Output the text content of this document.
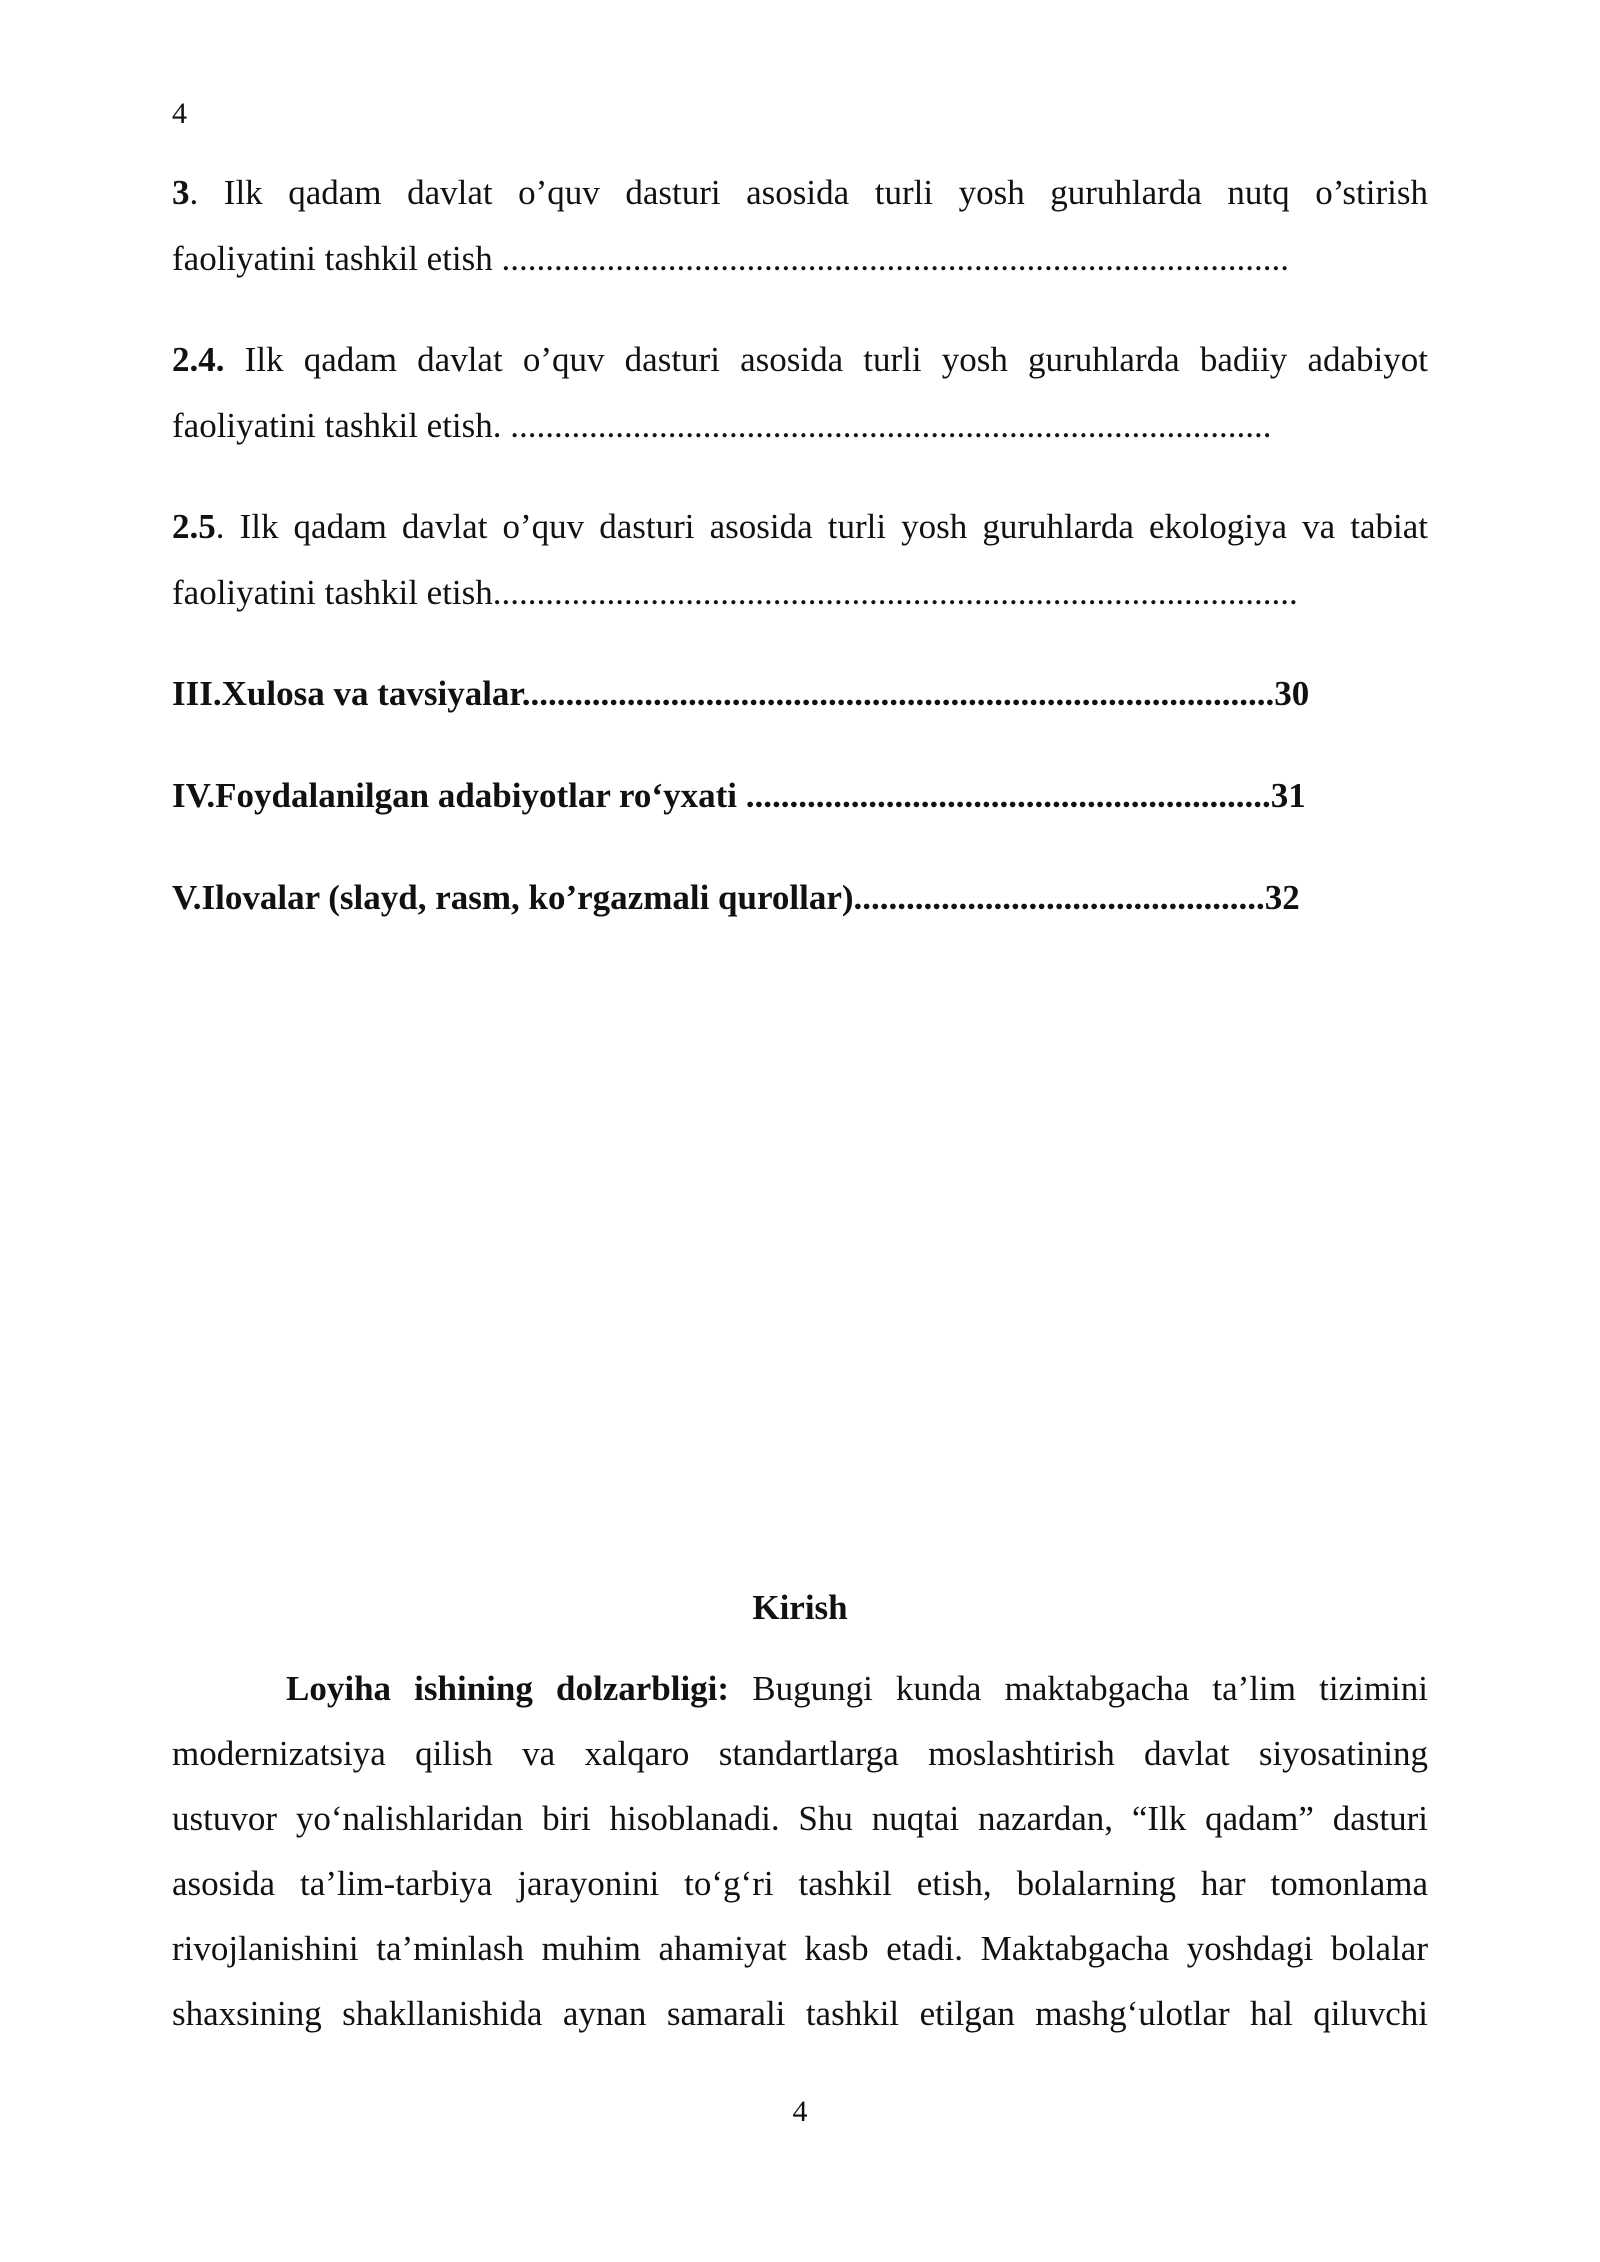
4
3. Ilk qadam davlat o’quv dasturi asosida turli yosh guruhlarda nutq o’stirish
faoliyatini tashkil etish ..........................................................................................
2.4. Ilk qadam davlat o’quv dasturi asosida turli yosh guruhlarda badiiy adabiyot
faoliyatini tashkil etish. .......................................................................................
2.5. Ilk qadam davlat o’quv dasturi asosida turli yosh guruhlarda ekologiya va tabiat
faoliyatini tashkil etish............................................................................................
III.Xulosa va tavsiyalar......................................................................................30
IV.Foydalanilgan adabiyotlar ro‘yxati ............................................................31
V.Ilovalar (slayd, rasm, ko’rgazmali qurollar)...............................................32
Kirish
Loyiha ishining dolzarbligi: Bugungi kunda maktabgacha ta’lim tizimini
modernizatsiya qilish va xalqaro standartlarga moslashtirish davlat siyosatining
ustuvor yo‘nalishlaridan biri hisoblanadi. Shu nuqtai nazardan, “Ilk qadam” dasturi
asosida ta’lim-tarbiya jarayonini to‘g‘ri tashkil etish, bolalarning har tomonlama
rivojlanishini ta’minlash muhim ahamiyat kasb etadi. Maktabgacha yoshdagi bolalar
shaxsining shakllanishida aynan samarali tashkil etilgan mashg‘ulotlar hal qiluvchi
4
